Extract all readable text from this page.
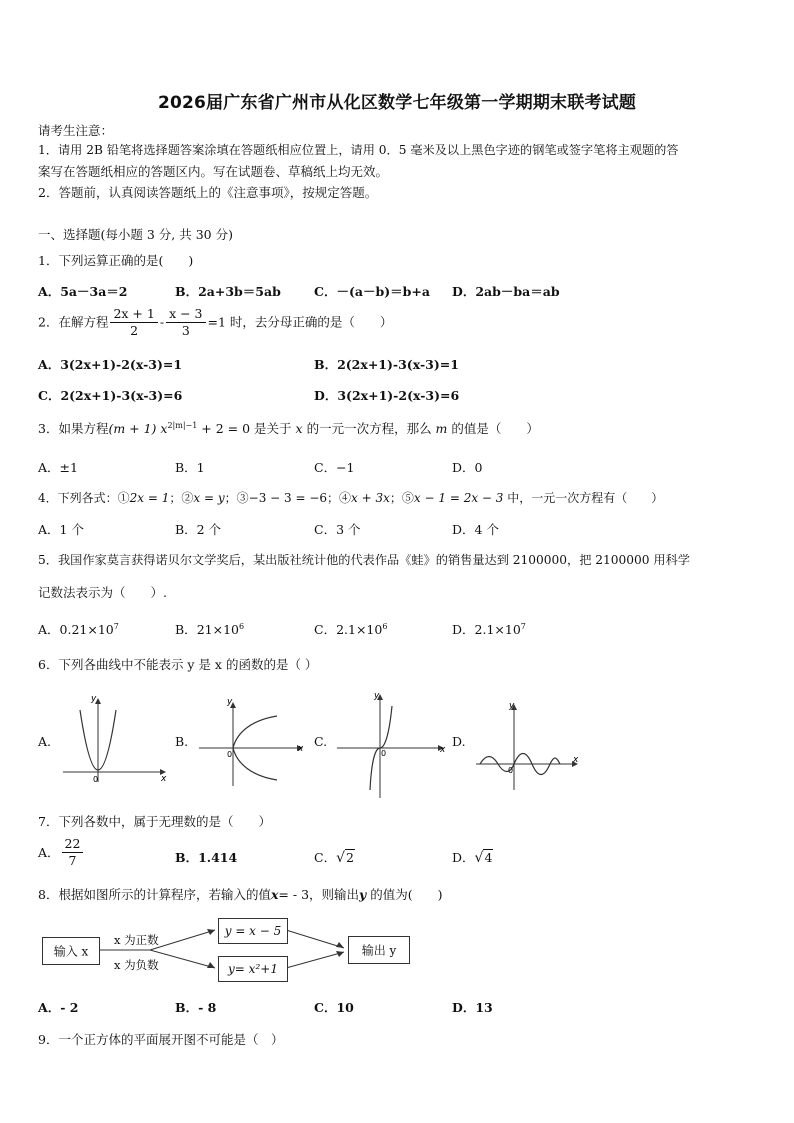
2026届广东省广州市从化区数学七年级第一学期期末联考试题
请考生注意：
1．请用 2B 铅笔将选择题答案涂填在答题纸相应位置上，请用 0．5 毫米及以上黑色字迹的钢笔或签字笔将主观题的答
案写在答题纸相应的答题区内。写在试题卷、草稿纸上均无效。
2．答题前，认真阅读答题纸上的《注意事项》，按规定答题。
一、选择题(每小题 3 分, 共 30 分)
1．下列运算正确的是(　　)
A．5a－3a＝2	B．2a+3b＝5ab	C．－(a－b)＝b+a D．2ab－ba＝ab
2．在解方程 $\frac{2x + 1}{2} - \frac{x - 3}{3} =1$ 时，去分母正确的是（　　）
A．3(2x+1)-2(x-3)=1	B．2(2x+1)-3(x-3)=1
C．2(2x+1)-3(x-3)=6	D．3(2x+1)-2(x-3)=6
3．如果方程(m + 1) $x^{2|m|-1} + 2 = 0$ 是关于 x 的一元一次方程，那么 m 的值是（　　）
A．±1	B．1	C．−1	D．0
4．下列各式：①2x = 1；②x = y；③−3 − 3 = −6；④x + 3x；⑤x − 1 = 2x − 3 中，一元一次方程有（　　）
A．1 个	B．2 个	C．3 个	D．4 个
5．我国作家莫言获得诺贝尔文学奖后，某出版社统计他的代表作品《蛙》的销售量达到 2100000，把 2100000 用科学
记数法表示为（　　）.
A．$0.21\times 10^7$	B．$21\times 10^6$	C．$2.1\times 10^6$	D．$2.1\times 10^7$
6．下列各曲线中不能表示 y 是 x 的函数的是（ ）
A.	B.	C.	D.
y
x
0
y
x
0
y
x
0
y
x
0
7．下列各数中，属于无理数的是（　　）
A． $\frac{22}{7}$	B．1.414	C．√2	D．√4
8．根据如图所示的计算程序，若输入的值x= - 3，则输出y 的值为(　　)
输入 x
x 为正数
x 为负数
y = x − 5
y= x²+1
输出 y
A．- 2	B．- 8	C．10	D．13
9．一个正方体的平面展开图不可能是（　）
